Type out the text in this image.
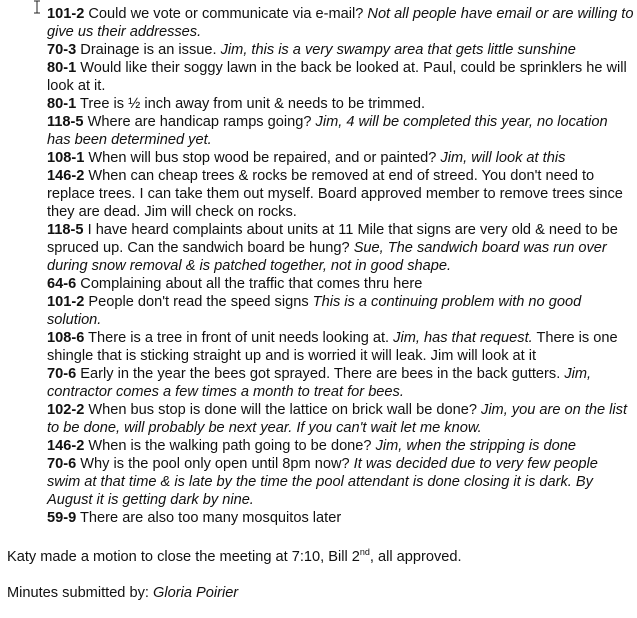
101-2 Could we vote or communicate via e-mail? Not all people have email or are willing to give us their addresses.

70-3 Drainage is an issue. Jim, this is a very swampy area that gets little sunshine

80-1 Would like their soggy lawn in the back be looked at. Paul, could be sprinklers he will look at it.

80-1 Tree is ½ inch away from unit & needs to be trimmed.

118-5 Where are handicap ramps going? Jim, 4 will be completed this year, no location has been determined yet.

108-1 When will bus stop wood be repaired, and or painted? Jim, will look at this

146-2 When can cheap trees & rocks be removed at end of streed. You don't need to replace trees. I can take them out myself. Board approved member to remove trees since they are dead. Jim will check on rocks.

118-5 I have heard complaints about units at 11 Mile that signs are very old & need to be spruced up. Can the sandwich board be hung? Sue, The sandwich board was run over during snow removal & is patched together, not in good shape.

64-6 Complaining about all the traffic that comes thru here

101-2 People don't read the speed signs This is a continuing problem with no good solution.

108-6 There is a tree in front of unit needs looking at. Jim, has that request. There is one shingle that is sticking straight up and is worried it will leak. Jim will look at it

70-6 Early in the year the bees got sprayed. There are bees in the back gutters. Jim, contractor comes a few times a month to treat for bees.

102-2 When bus stop is done will the lattice on brick wall be done? Jim, you are on the list to be done, will probably be next year. If you can't wait let me know.

146-2 When is the walking path going to be done? Jim, when the stripping is done

70-6 Why is the pool only open until 8pm now? It was decided due to very few people swim at that time & is late by the time the pool attendant is done closing it is dark. By August it is getting dark by nine.

59-9 There are also too many mosquitos later

Katy made a motion to close the meeting at 7:10, Bill 2nd, all approved.

Minutes submitted by: Gloria Poirier
